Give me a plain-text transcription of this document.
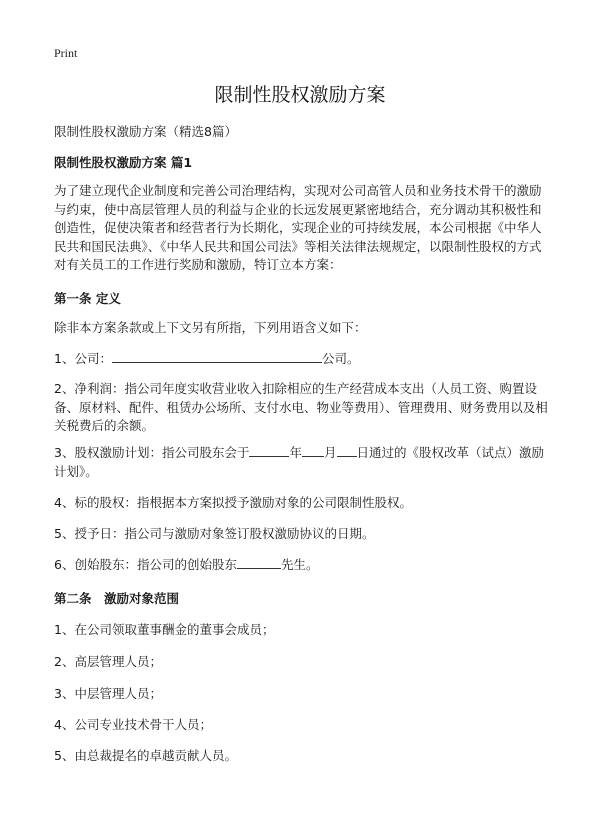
Print
限制性股权激励方案
限制性股权激励方案（精选8篇）
限制性股权激励方案 篇1
为了建立现代企业制度和完善公司治理结构，实现对公司高管人员和业务技术骨干的激励与约束，使中高层管理人员的利益与企业的长远发展更紧密地结合，充分调动其积极性和创造性，促使决策者和经营者行为长期化，实现企业的可持续发展，本公司根据《中华人民共和国民法典》、《中华人民共和国公司法》等相关法律法规规定，以限制性股权的方式对有关员工的工作进行奖励和激励，特订立本方案：
第一条 定义
除非本方案条款或上下文另有所指，下列用语含义如下：
1、公司：	公司。
2、净利润：指公司年度实收营业收入扣除相应的生产经营成本支出（人员工资、购置设备、原材料、配件、租赁办公场所、支付水电、物业等费用）、管理费用、财务费用以及相关税费后的余额。
3、股权激励计划：指公司股东会于	年 月 日通过的《股权改革（试点）激励计划》。
4、标的股权：指根据本方案拟授予激励对象的公司限制性股权。
5、授予日：指公司与激励对象签订股权激励协议的日期。
6、创始股东：指公司的创始股东	先生。
第二条　激励对象范围
1、在公司领取董事酬金的董事会成员；
2、高层管理人员；
3、中层管理人员；
4、公司专业技术骨干人员；
5、由总裁提名的卓越贡献人员。
